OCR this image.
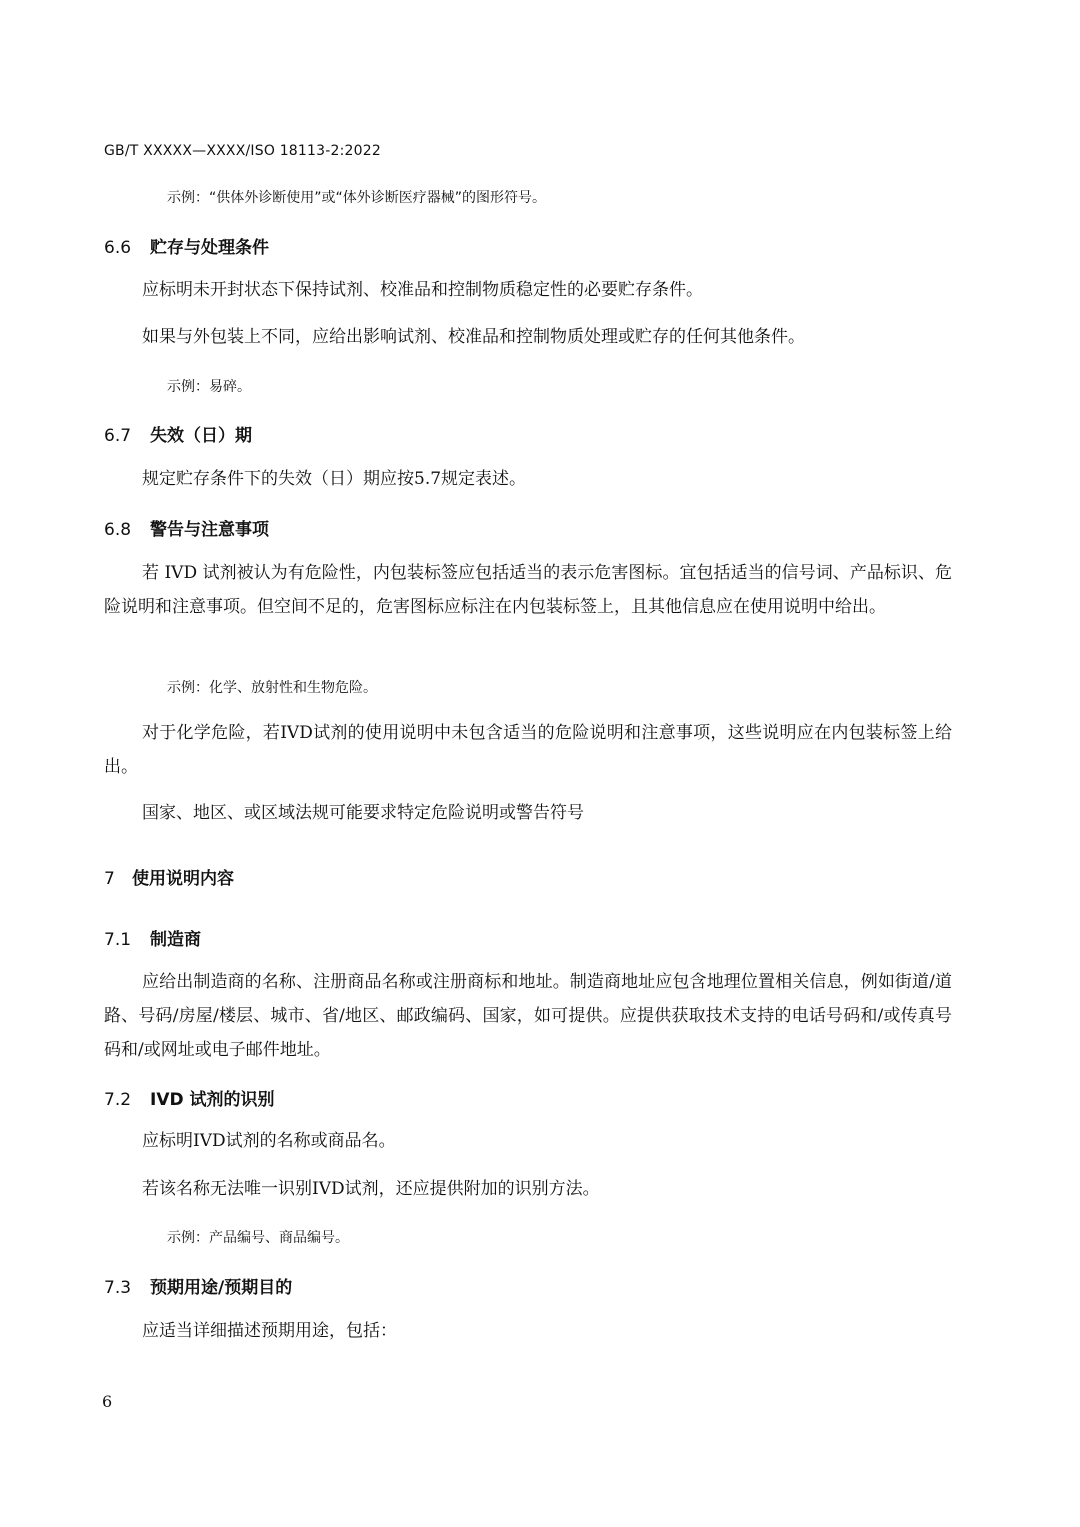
GB/T XXXXX—XXXX/ISO 18113-2:2022
示例：“供体外诊断使用”或“体外诊断医疗器械”的图形符号。
6.6 贮存与处理条件
应标明未开封状态下保持试剂、校准品和控制物质稳定性的必要贮存条件。
如果与外包装上不同，应给出影响试剂、校准品和控制物质处理或贮存的任何其他条件。
示例：易碎。
6.7 失效（日）期
规定贮存条件下的失效（日）期应按5.7规定表述。
6.8 警告与注意事项
若 IVD 试剂被认为有危险性，内包装标签应包括适当的表示危害图标。宜包括适当的信号词、产品标识、危险说明和注意事项。但空间不足的，危害图标应标注在内包装标签上，且其他信息应在使用说明中给出。
示例：化学、放射性和生物危险。
对于化学危险，若IVD试剂的使用说明中未包含适当的危险说明和注意事项，这些说明应在内包装标签上给出。
国家、地区、或区域法规可能要求特定危险说明或警告符号
7 使用说明内容
7.1 制造商
应给出制造商的名称、注册商品名称或注册商标和地址。制造商地址应包含地理位置相关信息，例如街道/道路、号码/房屋/楼层、城市、省/地区、邮政编码、国家，如可提供。应提供获取技术支持的电话号码和/或传真号码和/或网址或电子邮件地址。
7.2 IVD 试剂的识别
应标明IVD试剂的名称或商品名。
若该名称无法唯一识别IVD试剂，还应提供附加的识别方法。
示例：产品编号、商品编号。
7.3 预期用途/预期目的
应适当详细描述预期用途，包括：
6
